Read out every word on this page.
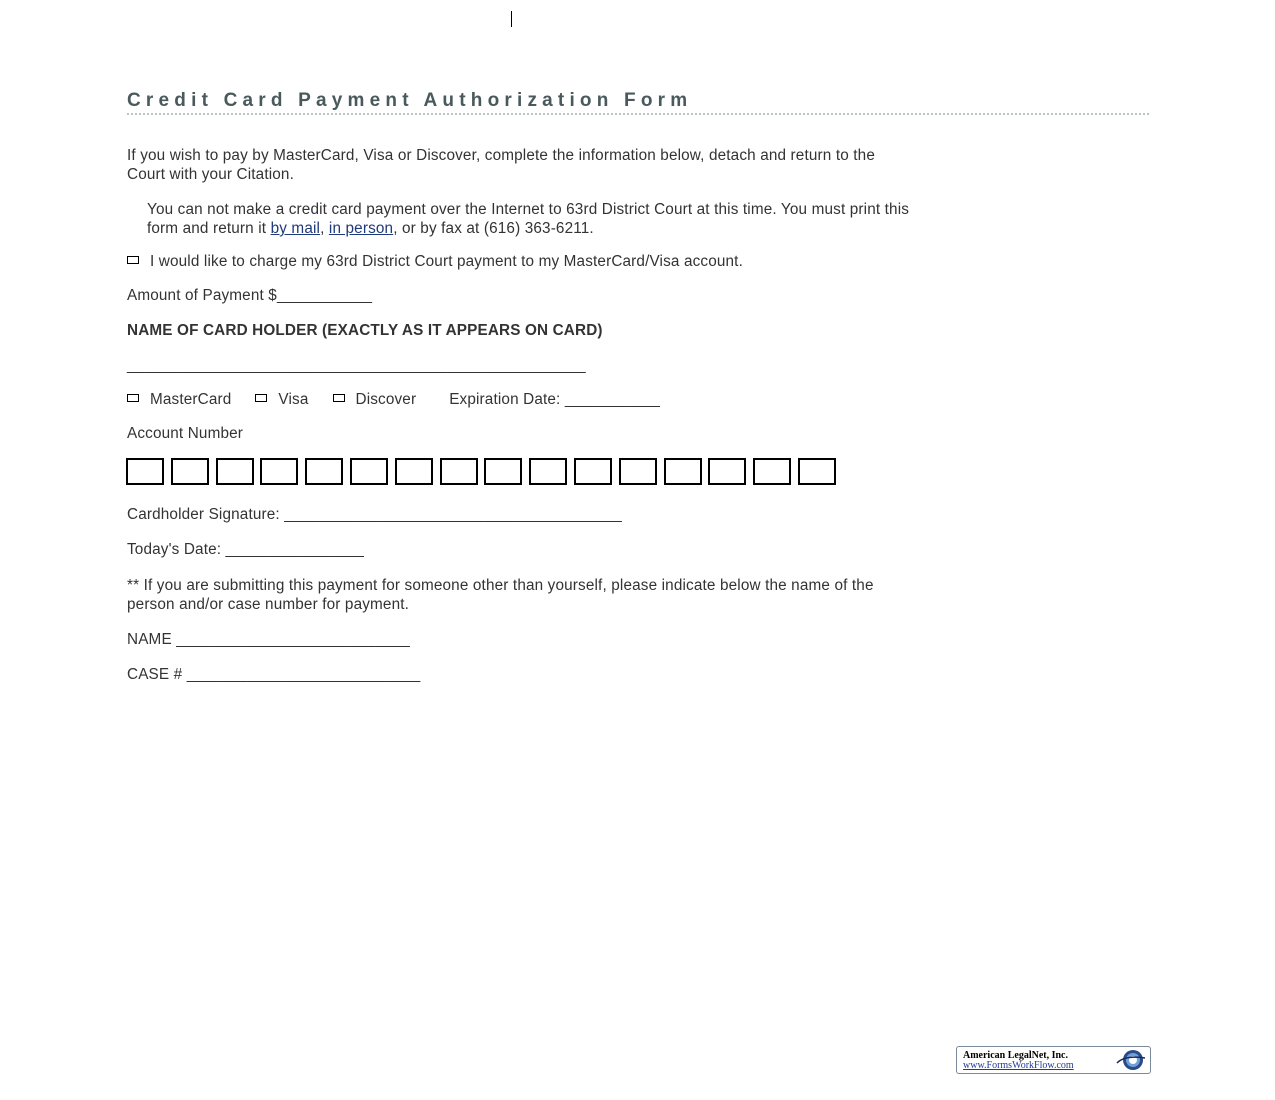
Credit Card Payment Authorization Form
If you wish to pay by MasterCard, Visa or Discover, complete the information below, detach and return to the
Court with your Citation.
You can not make a credit card payment over the Internet to 63rd District Court at this time. You must print this
form and return it by mail, in person, or by fax at (616) 363-6211.
I would like to charge my 63rd District Court payment to my MasterCard/Visa account.
Amount of Payment $___________
NAME OF CARD HOLDER (EXACTLY AS IT APPEARS ON CARD)
_____________________________________________________
MasterCard	Visa	Discover Expiration Date: ___________
Account Number
Cardholder Signature: _______________________________________
Today's Date: ________________
** If you are submitting this payment for someone other than yourself, please indicate below the name of the
person and/or case number for payment.
NAME ___________________________
CASE # ___________________________
American LegalNet, Inc.
www.FormsWorkFlow.com
